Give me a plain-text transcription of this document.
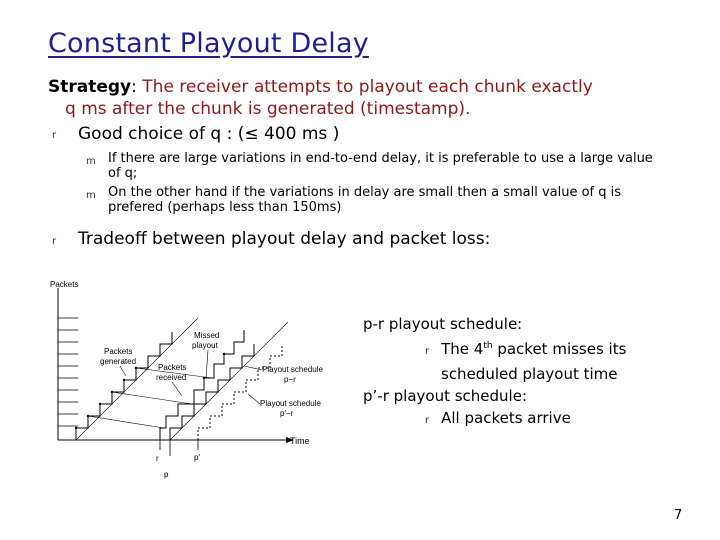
Constant Playout Delay
Strategy: The receiver attempts to playout each chunk exactly
q ms after the chunk is generated (timestamp).
r Good choice of q : (≤ 400 ms )
m If there are large variations in end-to-end delay, it is preferable to use a large value of q;
m On the other hand if the variations in delay are small then a small value of q is prefered (perhaps less than 150ms)
r Tradeoff between playout delay and packet loss:
Packets
Time
r
p
p′
Packets generated
Packets received
Missed playout
Playout schedule p−r
Playout schedule p′−r
p-r playout schedule:
r The 4th packet misses its
scheduled playout time
p’-r playout schedule:
r All packets arrive
7
